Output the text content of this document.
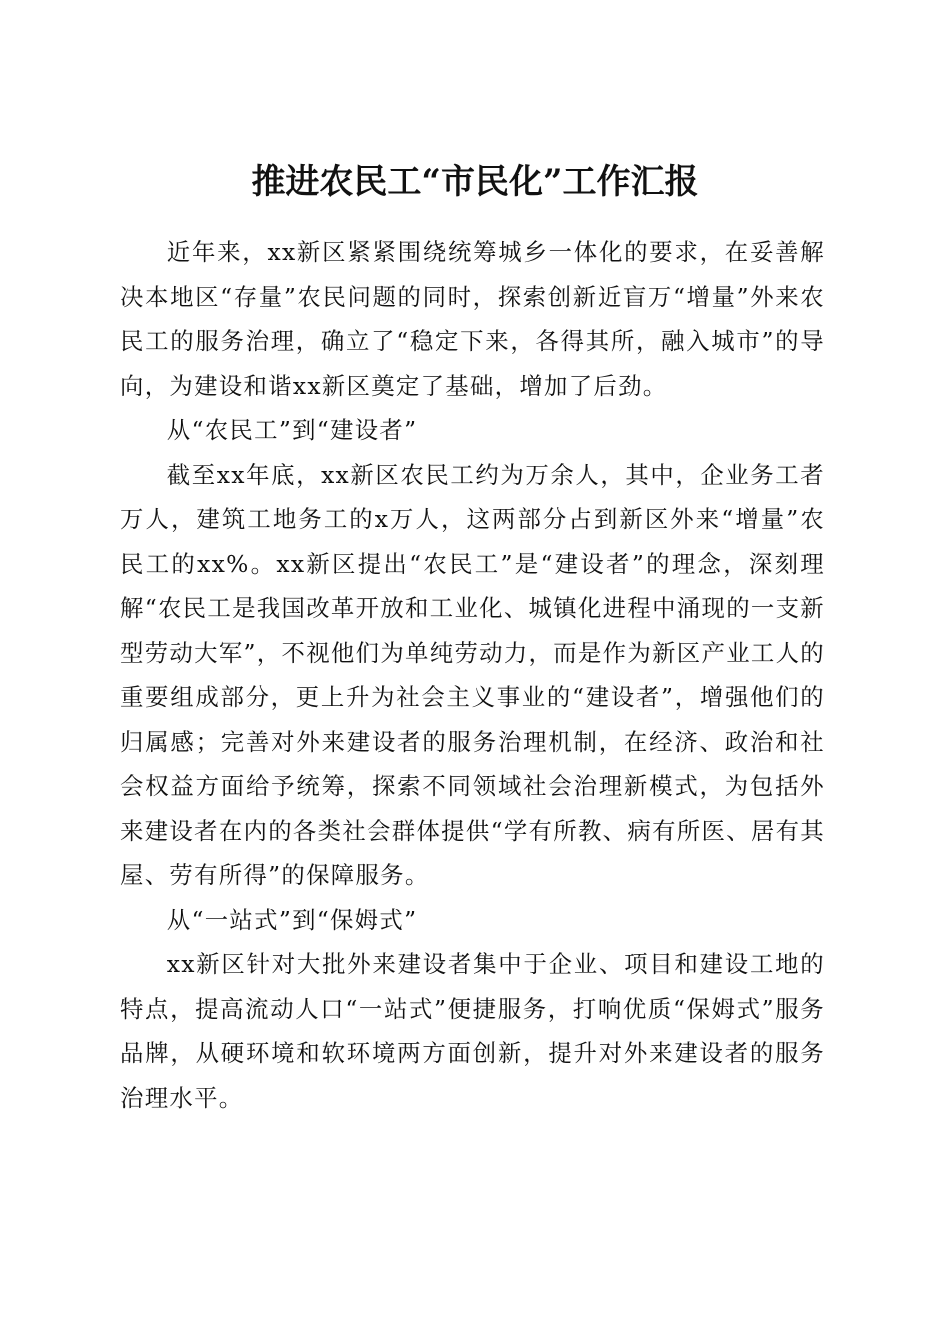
推进农民工“市民化”工作汇报

近年来，xx新区紧紧围绕统筹城乡一体化的要求，在妥善解决本地区“存量”农民问题的同时，探索创新近盲万“增量”外来农民工的服务治理，确立了“稳定下来，各得其所，融入城市”的导向，为建设和谐xx新区奠定了基础，增加了后劲。

从“农民工”到“建设者”

截至xx年底，xx新区农民工约为万余人，其中，企业务工者万人，建筑工地务工的x万人，这两部分占到新区外来“增量”农民工的xx%。xx新区提出“农民工”是“建设者”的理念，深刻理解“农民工是我国改革开放和工业化、城镇化进程中涌现的一支新型劳动大军”，不视他们为单纯劳动力，而是作为新区产业工人的重要组成部分，更上升为社会主义事业的“建设者”，增强他们的归属感；完善对外来建设者的服务治理机制，在经济、政治和社会权益方面给予统筹，探索不同领域社会治理新模式，为包括外来建设者在内的各类社会群体提供“学有所教、病有所医、居有其屋、劳有所得”的保障服务。

从“一站式”到“保姆式”

xx新区针对大批外来建设者集中于企业、项目和建设工地的特点，提高流动人口“一站式”便捷服务，打响优质“保姆式”服务品牌，从硬环境和软环境两方面创新，提升对外来建设者的服务治理水平。
